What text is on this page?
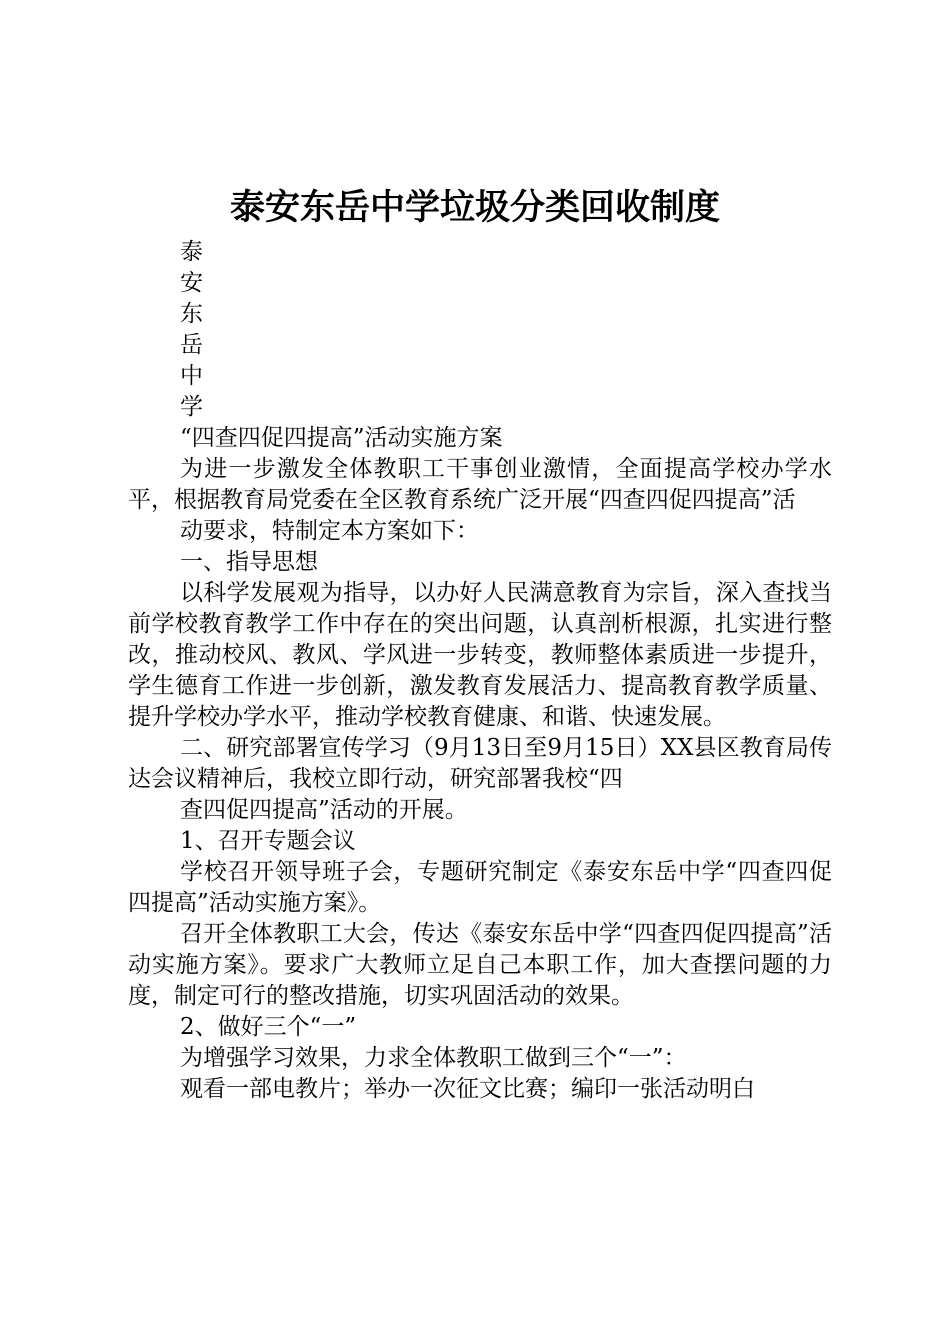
泰安东岳中学垃圾分类回收制度
泰
安
东
岳
中
学

“四查四促四提高”活动实施方案

为进一步激发全体教职工干事创业激情，全面提高学校办学水平，根据教育局党委在全区教育系统广泛开展“四查四促四提高”活

动要求，特制定本方案如下：

一、指导思想

以科学发展观为指导，以办好人民满意教育为宗旨，深入查找当前学校教育教学工作中存在的突出问题，认真剖析根源，扎实进行整改，推动校风、教风、学风进一步转变，教师整体素质进一步提升，学生德育工作进一步创新，激发教育发展活力、提高教育教学质量、提升学校办学水平，推动学校教育健康、和谐、快速发展。

二、研究部署宣传学习（9月13日至9月15日）XX县区教育局传达会议精神后，我校立即行动，研究部署我校“四

查四促四提高”活动的开展。

1、召开专题会议

学校召开领导班子会，专题研究制定《泰安东岳中学“四查四促四提高”活动实施方案》。

召开全体教职工大会，传达《泰安东岳中学“四查四促四提高”活动实施方案》。要求广大教师立足自己本职工作，加大查摆问题的力度，制定可行的整改措施，切实巩固活动的效果。

2、做好三个“一”

为增强学习效果，力求全体教职工做到三个“一”：

观看一部电教片；举办一次征文比赛；编印一张活动明白
